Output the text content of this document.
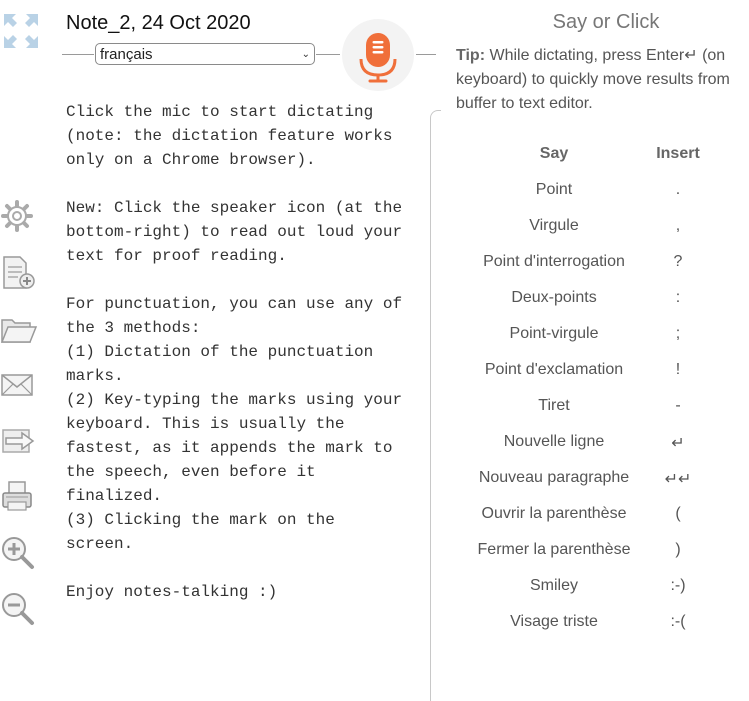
Note_2, 24 Oct 2020
français	⌄

Click the mic to start dictating
(note: the dictation feature works
only on a Chrome browser).

New: Click the speaker icon (at the
bottom-right) to read out loud your
text for proof reading.

For punctuation, you can use any of
the 3 methods:
(1) Dictation of the punctuation
marks.
(2) Key-typing the marks using your
keyboard. This is usually the
fastest, as it appends the mark to
the speech, even before it
finalized.
(3) Clicking the mark on the
screen.

Enjoy notes-talking :)

Say or Click
Tip: While dictating, press Enter↵ (on keyboard) to quickly move results from buffer to text editor.
Say	Insert
Point	.
Virgule	,
Point d'interrogation	?
Deux-points	:
Point-virgule	;
Point d'exclamation	!
Tiret	-
Nouvelle ligne	↵
Nouveau paragraphe	↵↵
Ouvrir la parenthèse	(
Fermer la parenthèse	)
Smiley	:-)
Visage triste	:-(
